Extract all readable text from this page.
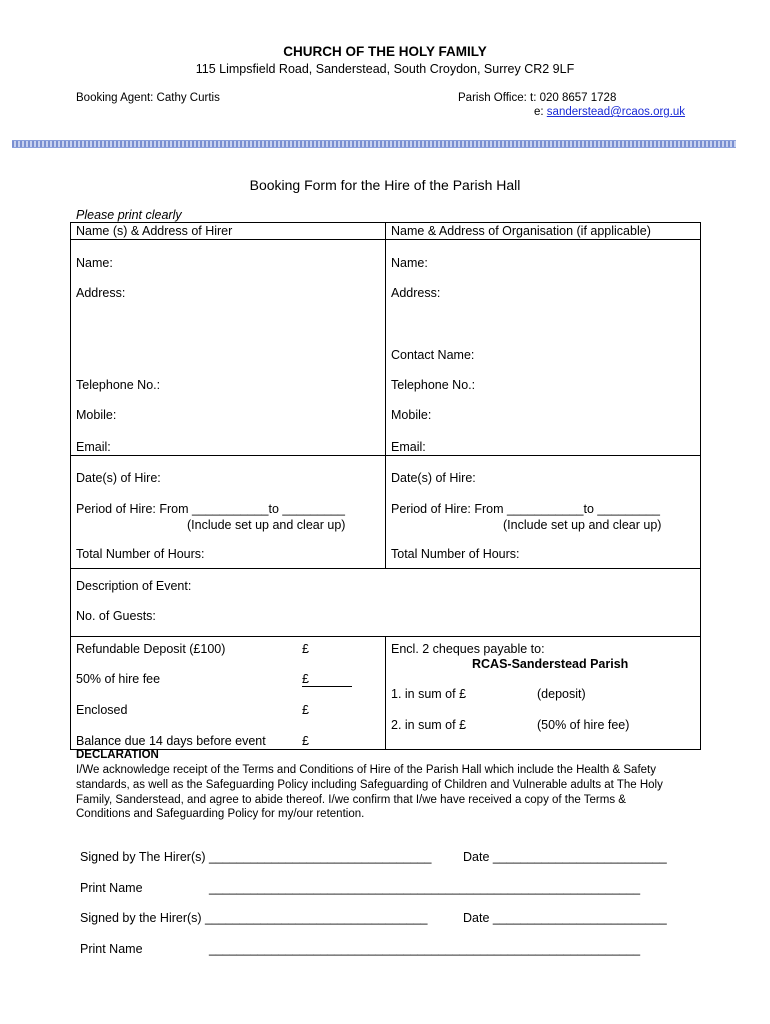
CHURCH OF THE HOLY FAMILY
115 Limpsfield Road, Sanderstead, South Croydon, Surrey CR2 9LF
Booking Agent: Cathy Curtis	Parish Office: t: 020 8657 1728
e: sanderstead@rcaos.org.uk
Booking Form for the Hire of the Parish Hall
Please print clearly
Name (s) & Address of Hirer	Name & Address of Organisation (if applicable)
Name:
Address:
Telephone No.:
Mobile:
Email:
Name:
Address:
Contact Name:
Telephone No.:
Mobile:
Email:
Date(s) of Hire:
Period of Hire: From ___________to _________
(Include set up and clear up)
Total Number of Hours:
Date(s) of Hire:
Period of Hire: From ___________to _________
(Include set up and clear up)
Total Number of Hours:
Description of Event:
No. of Guests:
Refundable Deposit (£100)	£
50% of hire fee	£
Enclosed	£
Balance due 14 days before event	£
Encl. 2 cheques payable to:
RCAS-Sanderstead Parish
1. in sum of £	(deposit)
2. in sum of £	(50% of hire fee)
DECLARATION
I/We acknowledge receipt of the Terms and Conditions of Hire of the Parish Hall which include the Health & Safety
standards, as well as the Safeguarding Policy including Safeguarding of Children and Vulnerable adults at The Holy
Family, Sanderstead, and agree to abide thereof. I/we confirm that I/we have received a copy of the Terms &
Conditions and Safeguarding Policy for my/our retention.
Signed by The Hirer(s) ________________________________	Date _________________________
Print Name	______________________________________________________________
Signed by the Hirer(s) ________________________________	Date _________________________
Print Name	______________________________________________________________
